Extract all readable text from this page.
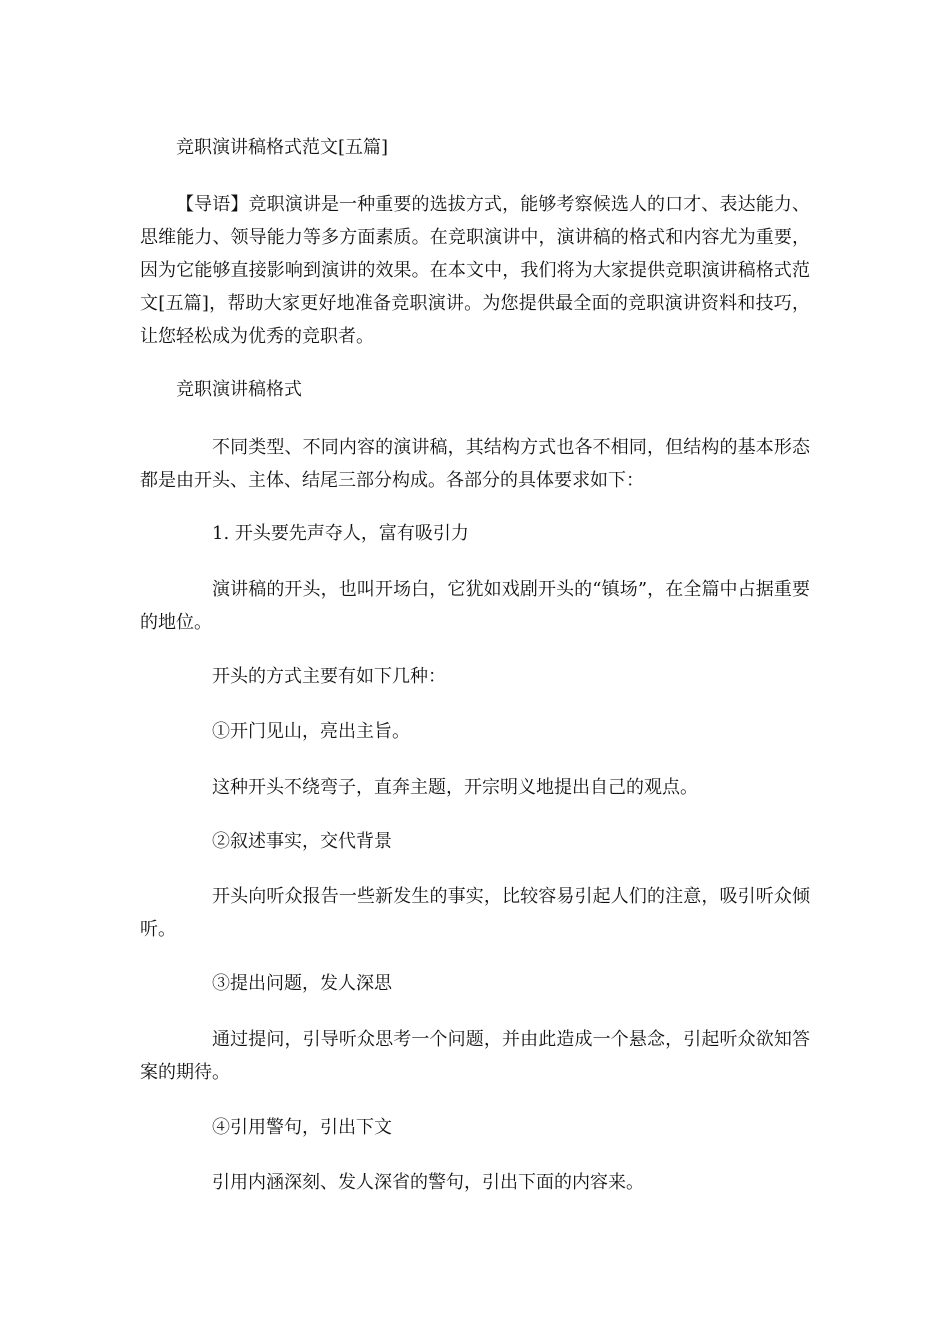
竞职演讲稿格式范文[五篇]

【导语】竞职演讲是一种重要的选拔方式，能够考察候选人的口才、表达能力、思维能力、领导能力等多方面素质。在竞职演讲中，演讲稿的格式和内容尤为重要，因为它能够直接影响到演讲的效果。在本文中，我们将为大家提供竞职演讲稿格式范文[五篇]，帮助大家更好地准备竞职演讲。为您提供最全面的竞职演讲资料和技巧，让您轻松成为优秀的竞职者。

竞职演讲稿格式

不同类型、不同内容的演讲稿，其结构方式也各不相同，但结构的基本形态都是由开头、主体、结尾三部分构成。各部分的具体要求如下：

1. 开头要先声夺人，富有吸引力

演讲稿的开头，也叫开场白，它犹如戏剧开头的“镇场”，在全篇中占据重要的地位。

开头的方式主要有如下几种：

①开门见山，亮出主旨。

这种开头不绕弯子，直奔主题，开宗明义地提出自己的观点。

②叙述事实，交代背景

开头向听众报告一些新发生的事实，比较容易引起人们的注意，吸引听众倾听。

③提出问题，发人深思

通过提问，引导听众思考一个问题，并由此造成一个悬念，引起听众欲知答案的期待。

④引用警句，引出下文

引用内涵深刻、发人深省的警句，引出下面的内容来。
